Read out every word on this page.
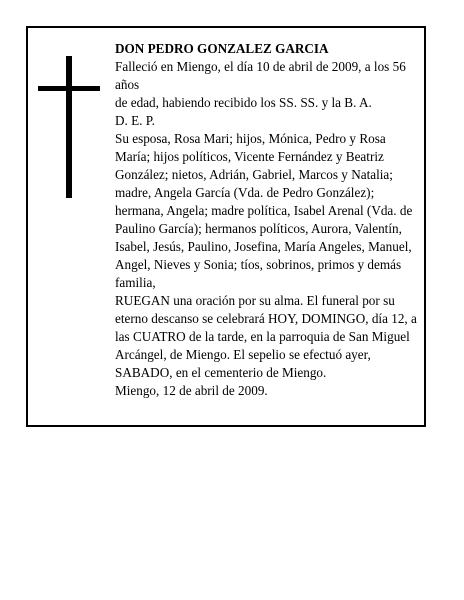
DON PEDRO GONZALEZ GARCIA
Falleció en Miengo, el día 10 de abril de 2009, a los 56 años
de edad, habiendo recibido los SS. SS. y la B. A.
D. E. P.
Su esposa, Rosa Mari; hijos, Mónica, Pedro y Rosa María; hijos políticos, Vicente Fernández y Beatriz González; nietos, Adrián, Gabriel, Marcos y Natalia; madre, Angela García (Vda. de Pedro González); hermana, Angela; madre política, Isabel Arenal (Vda. de Paulino García); hermanos políticos, Aurora, Valentín, Isabel, Jesús, Paulino, Josefina, María Angeles, Manuel, Angel, Nieves y Sonia; tíos, sobrinos, primos y demás familia,
RUEGAN una oración por su alma. El funeral por su eterno descanso se celebrará HOY, DOMINGO, día 12, a las CUATRO de la tarde, en la parroquia de San Miguel Arcángel, de Miengo. El sepelio se efectuó ayer, SABADO, en el cementerio de Miengo.
Miengo, 12 de abril de 2009.
